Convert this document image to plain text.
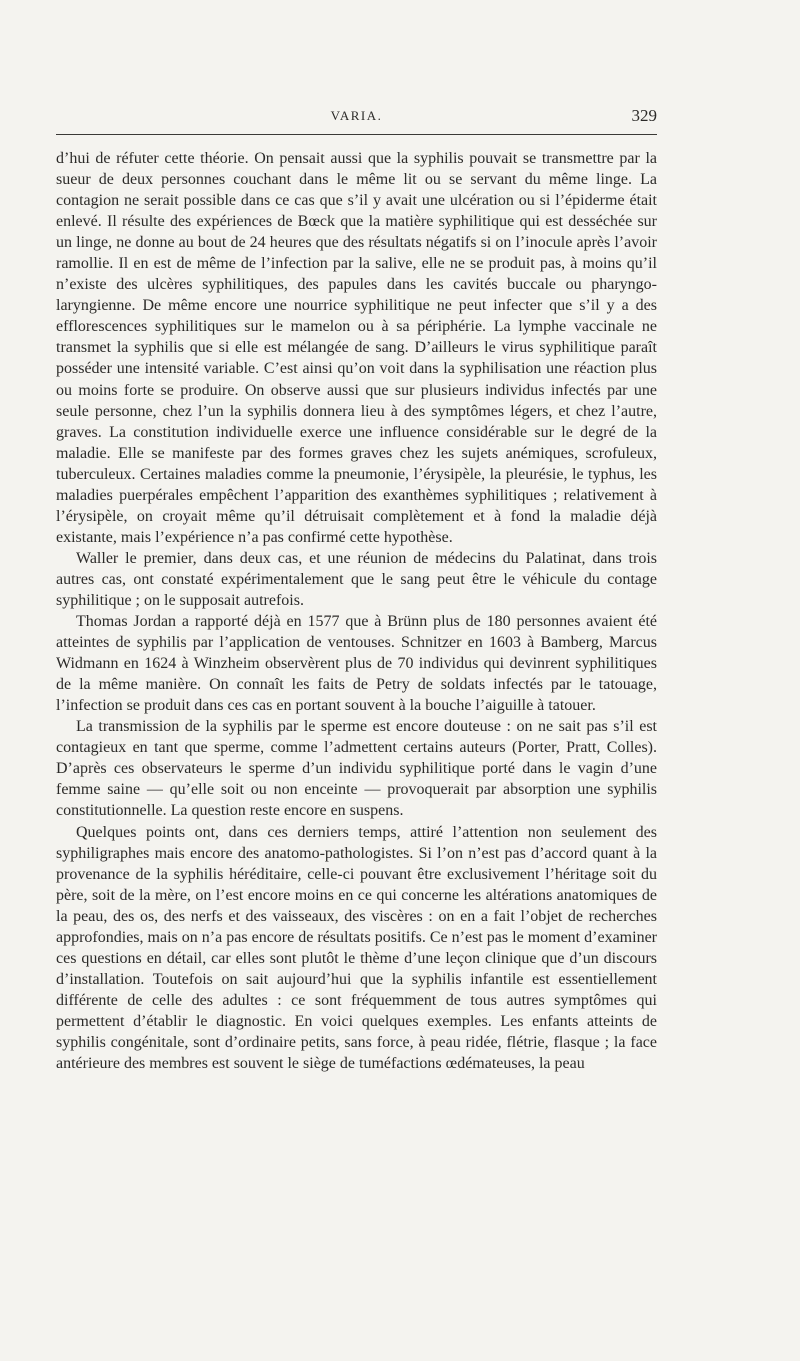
VARIA.	329

d’hui de réfuter cette théorie. On pensait aussi que la syphilis pouvait se transmettre par la sueur de deux personnes couchant dans le même lit ou se servant du même linge. La contagion ne serait possible dans ce cas que s’il y avait une ulcération ou si l’épiderme était enlevé. Il résulte des expériences de Bœck que la matière syphilitique qui est desséchée sur un linge, ne donne au bout de 24 heures que des résultats négatifs si on l’inocule après l’avoir ramollie. Il en est de même de l’infection par la salive, elle ne se produit pas, à moins qu’il n’existe des ulcères syphilitiques, des papules dans les cavités buccale ou pharyngo-laryngienne. De même encore une nourrice syphilitique ne peut infecter que s’il y a des efflorescences syphilitiques sur le mamelon ou à sa périphérie. La lymphe vaccinale ne transmet la syphilis que si elle est mélangée de sang. D’ailleurs le virus syphilitique paraît posséder une intensité variable. C’est ainsi qu’on voit dans la syphilisation une réaction plus ou moins forte se produire. On observe aussi que sur plusieurs individus infectés par une seule personne, chez l’un la syphilis donnera lieu à des symptômes légers, et chez l’autre, graves. La constitution individuelle exerce une influence considérable sur le degré de la maladie. Elle se manifeste par des formes graves chez les sujets anémiques, scrofuleux, tuberculeux. Certaines maladies comme la pneumonie, l’érysipèle, la pleurésie, le typhus, les maladies puerpérales empêchent l’apparition des exanthèmes syphilitiques ; relativement à l’érysipèle, on croyait même qu’il détruisait complètement et à fond la maladie déjà existante, mais l’expérience n’a pas confirmé cette hypothèse.

Waller le premier, dans deux cas, et une réunion de médecins du Palatinat, dans trois autres cas, ont constaté expérimentalement que le sang peut être le véhicule du contage syphilitique ; on le supposait autrefois.

Thomas Jordan a rapporté déjà en 1577 que à Brünn plus de 180 personnes avaient été atteintes de syphilis par l’application de ventouses. Schnitzer en 1603 à Bamberg, Marcus Widmann en 1624 à Winzheim observèrent plus de 70 individus qui devinrent syphilitiques de la même manière. On connaît les faits de Petry de soldats infectés par le tatouage, l’infection se produit dans ces cas en portant souvent à la bouche l’aiguille à tatouer.

La transmission de la syphilis par le sperme est encore douteuse : on ne sait pas s’il est contagieux en tant que sperme, comme l’admettent certains auteurs (Porter, Pratt, Colles). D’après ces observateurs le sperme d’un individu syphilitique porté dans le vagin d’une femme saine — qu’elle soit ou non enceinte — provoquerait par absorption une syphilis constitutionnelle. La question reste encore en suspens.

Quelques points ont, dans ces derniers temps, attiré l’attention non seulement des syphiligraphes mais encore des anatomo-pathologistes. Si l’on n’est pas d’accord quant à la provenance de la syphilis héréditaire, celle-ci pouvant être exclusivement l’héritage soit du père, soit de la mère, on l’est encore moins en ce qui concerne les altérations anatomiques de la peau, des os, des nerfs et des vaisseaux, des viscères : on en a fait l’objet de recherches approfondies, mais on n’a pas encore de résultats positifs. Ce n’est pas le moment d’examiner ces questions en détail, car elles sont plutôt le thème d’une leçon clinique que d’un discours d’installation. Toutefois on sait aujourd’hui que la syphilis infantile est essentiellement différente de celle des adultes : ce sont fréquemment de tous autres symptômes qui permettent d’établir le diagnostic. En voici quelques exemples. Les enfants atteints de syphilis congénitale, sont d’ordinaire petits, sans force, à peau ridée, flétrie, flasque ; la face antérieure des membres est souvent le siège de tuméfactions œdémateuses, la peau
